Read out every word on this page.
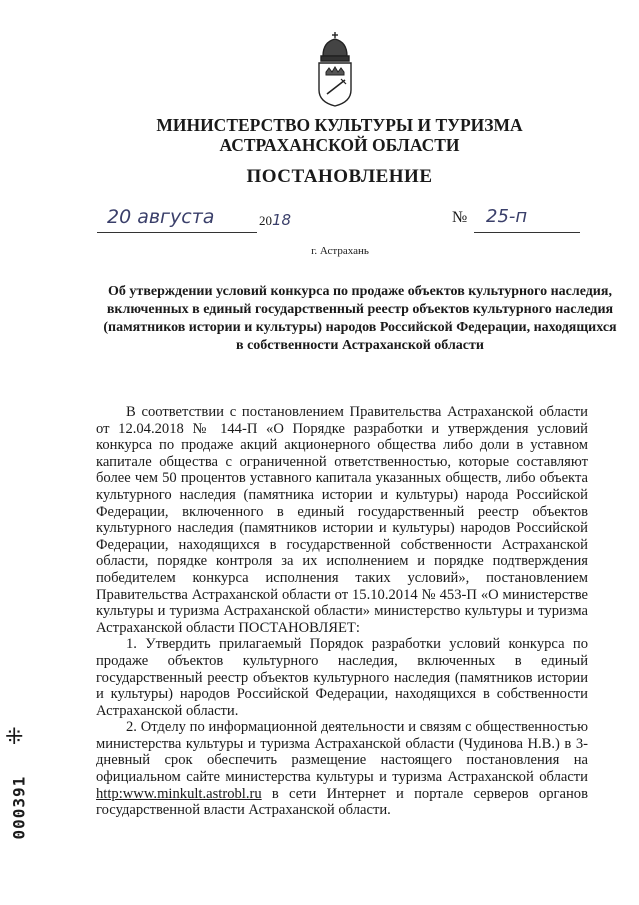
МИНИСТЕРСТВО КУЛЬТУРЫ И ТУРИЗМА
АСТРАХАНСКОЙ ОБЛАСТИ
ПОСТАНОВЛЕНИЕ
20 августа	2018	№ 25-п
г. Астрахань
Об утверждении условий конкурса по продаже объектов культурного наследия, включенных в единый государственный реестр объектов культурного наследия (памятников истории и культуры) народов Российской Федерации, находящихся в собственности Астраханской области

В соответствии с постановлением Правительства Астраханской области от 12.04.2018 № 144-П «О Порядке разработки и утверждения условий конкурса по продаже акций акционерного общества либо доли в уставном капитале общества с ограниченной ответственностью, которые составляют более чем 50 процентов уставного капитала указанных обществ, либо объекта культурного наследия (памятника истории и культуры) народа Российской Федерации, включенного в единый государственный реестр объектов культурного наследия (памятников истории и культуры) народов Российской Федерации, находящихся в государственной собственности Астраханской области, порядке контроля за их исполнением и порядке подтверждения победителем конкурса исполнения таких условий», постановлением Правительства Астраханской области от 15.10.2014 № 453-П «О министерстве культуры и туризма Астраханской области» министерство культуры и туризма Астраханской области ПОСТАНОВЛЯЕТ:

1. Утвердить прилагаемый Порядок разработки условий конкурса по продаже объектов культурного наследия, включенных в единый государственный реестр объектов культурного наследия (памятников истории и культуры) народов Российской Федерации, находящихся в собственности Астраханской области.

2. Отделу по информационной деятельности и связям с общественностью министерства культуры и туризма Астраханской области (Чудинова Н.В.) в 3- дневный срок обеспечить размещение настоящего постановления на официальном сайте министерства культуры и туризма Астраханской области http:www.minkult.astrobl.ru в сети Интернет и портале серверов органов государственной власти Астраханской области.

⁜
000391
